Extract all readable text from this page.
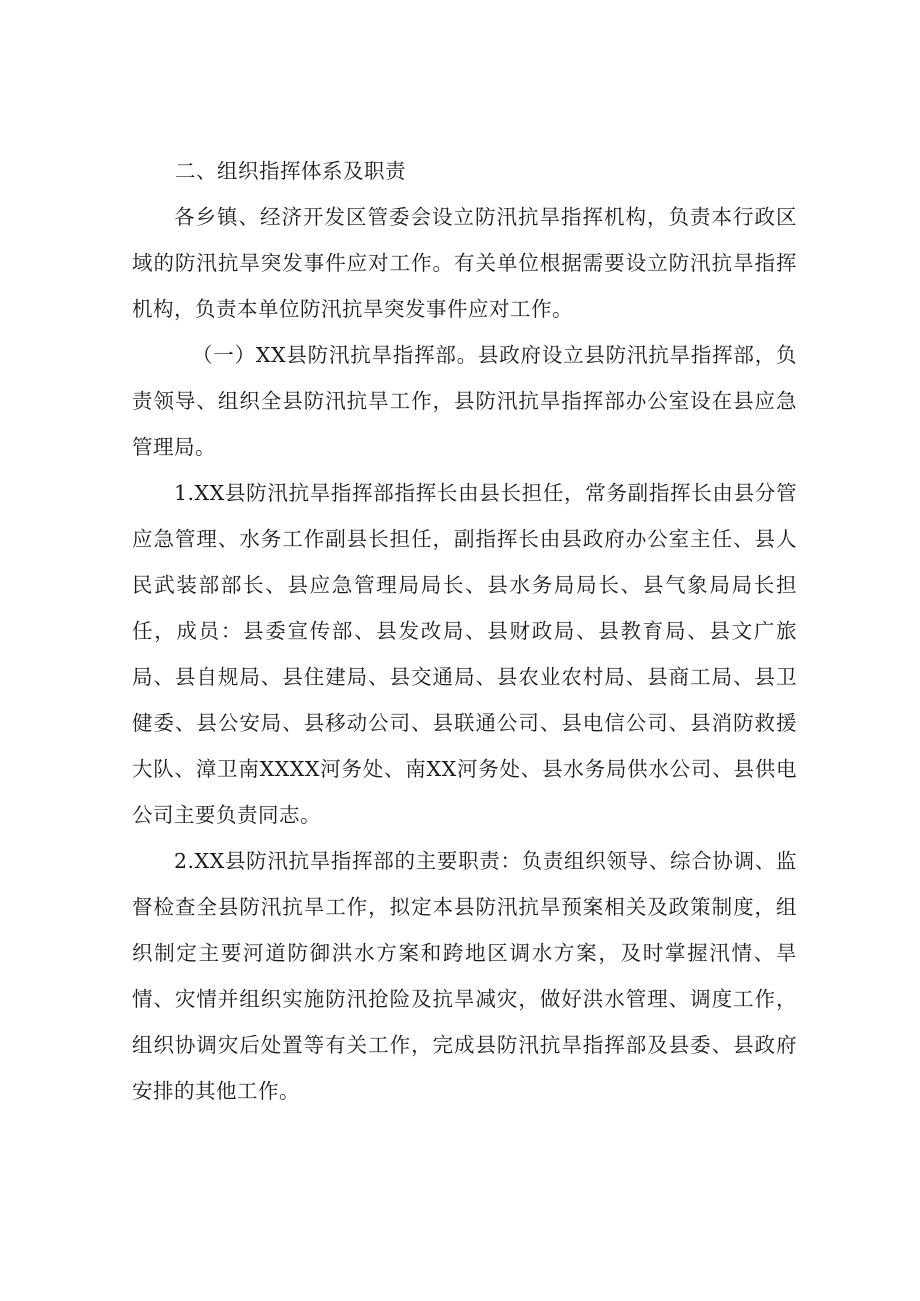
二、组织指挥体系及职责

各乡镇、经济开发区管委会设立防汛抗旱指挥机构，负责本行政区域的防汛抗旱突发事件应对工作。有关单位根据需要设立防汛抗旱指挥机构，负责本单位防汛抗旱突发事件应对工作。

（一）XX县防汛抗旱指挥部。县政府设立县防汛抗旱指挥部，负责领导、组织全县防汛抗旱工作，县防汛抗旱指挥部办公室设在县应急管理局。

1.XX县防汛抗旱指挥部指挥长由县长担任，常务副指挥长由县分管应急管理、水务工作副县长担任，副指挥长由县政府办公室主任、县人民武装部部长、县应急管理局局长、县水务局局长、县气象局局长担任，成员：县委宣传部、县发改局、县财政局、县教育局、县文广旅局、县自规局、县住建局、县交通局、县农业农村局、县商工局、县卫健委、县公安局、县移动公司、县联通公司、县电信公司、县消防救援大队、漳卫南XXXX河务处、南XX河务处、县水务局供水公司、县供电公司主要负责同志。

2.XX县防汛抗旱指挥部的主要职责：负责组织领导、综合协调、监督检查全县防汛抗旱工作，拟定本县防汛抗旱预案相关及政策制度，组织制定主要河道防御洪水方案和跨地区调水方案，及时掌握汛情、旱情、灾情并组织实施防汛抢险及抗旱减灾，做好洪水管理、调度工作，组织协调灾后处置等有关工作，完成县防汛抗旱指挥部及县委、县政府安排的其他工作。
